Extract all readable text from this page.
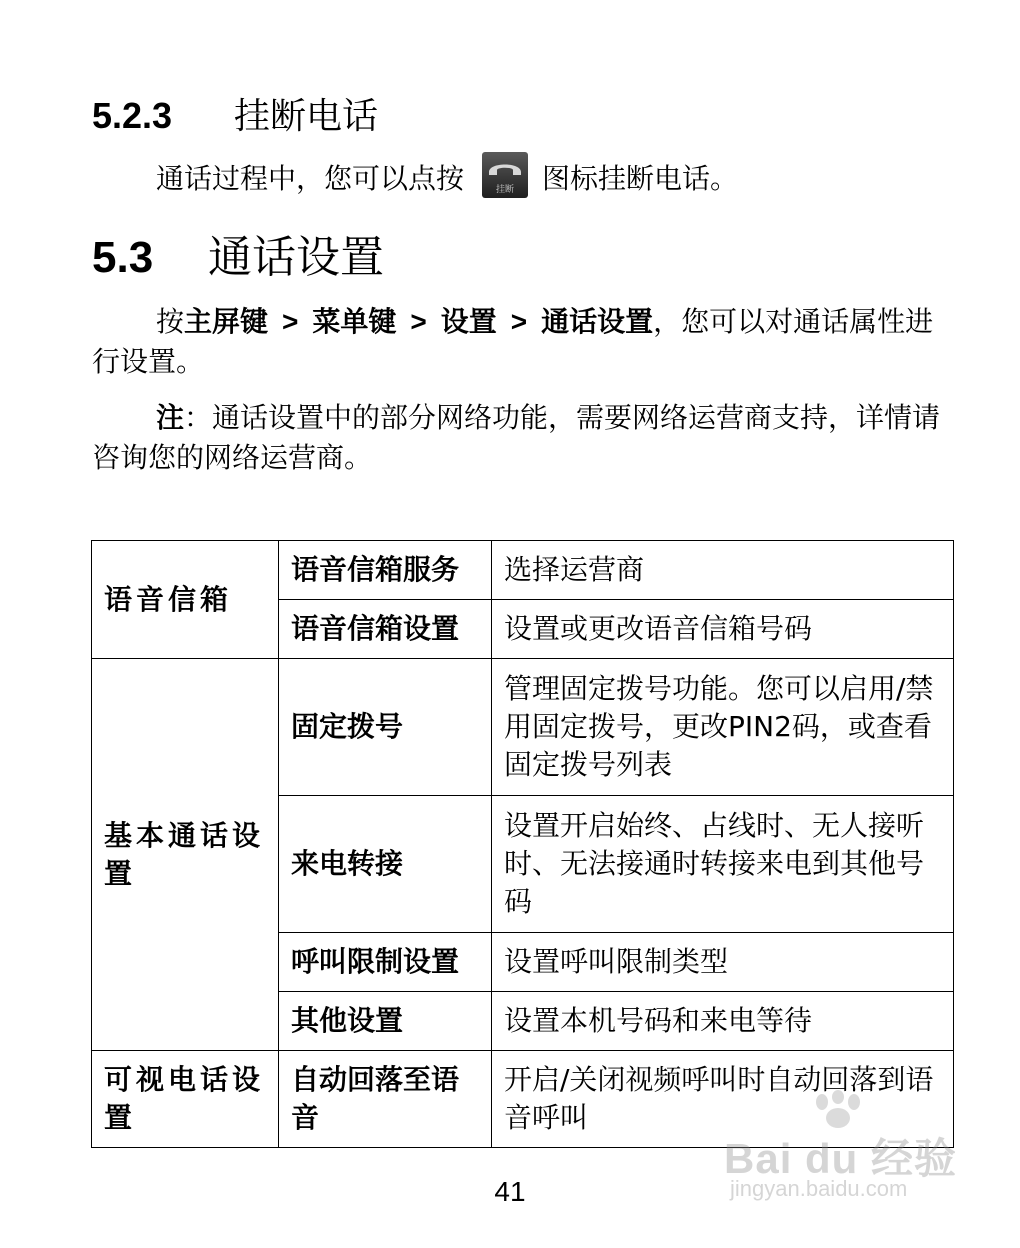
5.2.3 挂断电话
通话过程中，您可以点按	挂断	图标挂断电话。
5.3 通话设置
按主屏键 > 菜单键 > 设置 > 通话设置，您可以对通话属性进行设置。
注：通话设置中的部分网络功能，需要网络运营商支持，详情请咨询您的网络运营商。
语音信箱	语音信箱服务	选择运营商
	语音信箱设置	设置或更改语音信箱号码
基本通话设置	固定拨号	管理固定拨号功能。您可以启用/禁用固定拨号，更改PIN2码，或查看固定拨号列表
	来电转接	设置开启始终、占线时、无人接听时、无法接通时转接来电到其他号码
	呼叫限制设置	设置呼叫限制类型
	其他设置	设置本机号码和来电等待
可视电话设置	自动回落至语音	开启/关闭视频呼叫时自动回落到语音呼叫
41
Bai du 经验
jingyan.baidu.com
